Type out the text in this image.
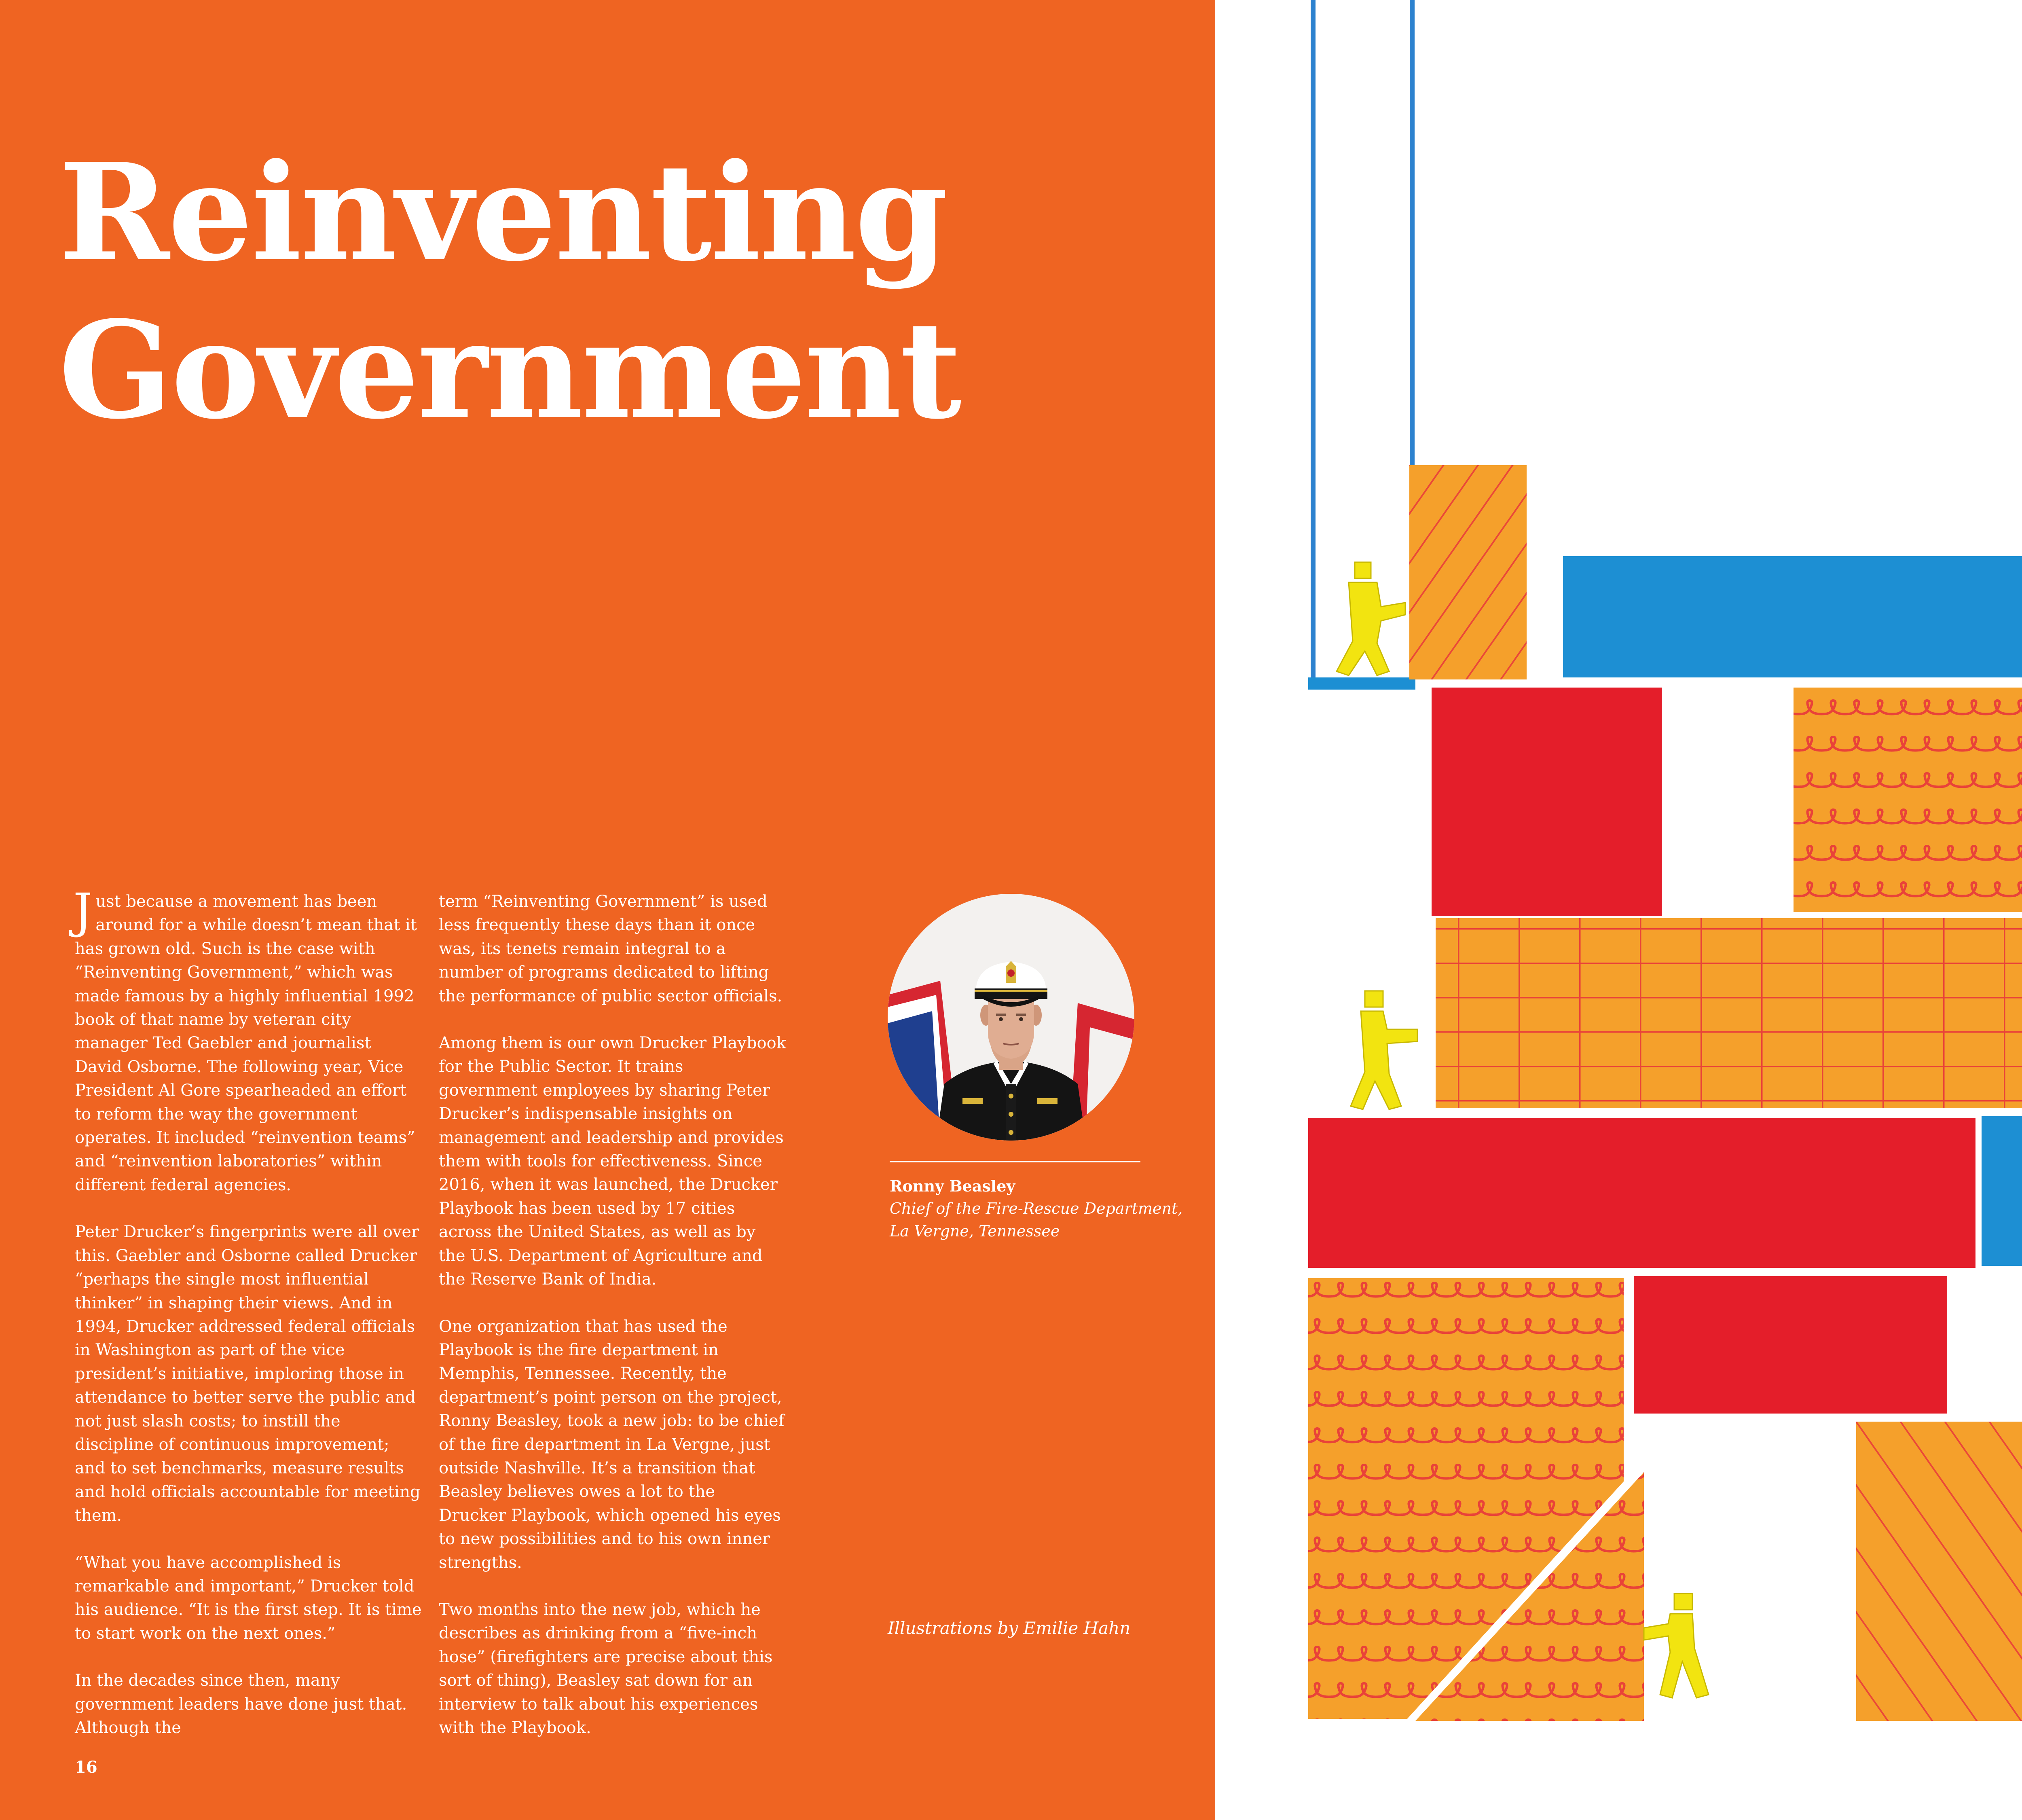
Reinventing
Government

Just because a movement has been around for a while doesn’t mean that it has grown old. Such is the case with “Reinventing Government,” which was made famous by a highly influential 1992 book of that name by veteran city manager Ted Gaebler and journalist David Osborne. The following year, Vice President Al Gore spearheaded an effort to reform the way the government operates. It included “reinvention teams” and “reinvention laboratories” within different federal agencies.

Peter Drucker’s fingerprints were all over this. Gaebler and Osborne called Drucker “perhaps the single most influential thinker” in shaping their views. And in 1994, Drucker addressed federal officials in Washington as part of the vice president’s initiative, imploring those in attendance to better serve the public and not just slash costs; to instill the discipline of continuous improvement; and to set benchmarks, measure results and hold officials accountable for meeting them.

“What you have accomplished is remarkable and important,” Drucker told his audience. “It is the first step. It is time to start work on the next ones.”

In the decades since then, many government leaders have done just that. Although the

term “Reinventing Government” is used less frequently these days than it once was, its tenets remain integral to a number of programs dedicated to lifting the performance of public sector officials.

Among them is our own Drucker Playbook for the Public Sector. It trains government employees by sharing Peter Drucker’s indispensable insights on management and leadership and provides them with tools for effectiveness. Since 2016, when it was launched, the Drucker Playbook has been used by 17 cities across the United States, as well as by the U.S. Department of Agriculture and the Reserve Bank of India.

One organization that has used the Playbook is the fire department in Memphis, Tennessee. Recently, the department’s point person on the project, Ronny Beasley, took a new job: to be chief of the fire department in La Vergne, just outside Nashville. It’s a transition that Beasley believes owes a lot to the Drucker Playbook, which opened his eyes to new possibilities and to his own inner strengths.

Two months into the new job, which he describes as drinking from a “five-inch hose” (firefighters are precise about this sort of thing), Beasley sat down for an interview to talk about his experiences with the Playbook.

Ronny Beasley
Chief of the Fire-Rescue Department,
La Vergne, Tennessee
Illustrations by Emilie Hahn
16
